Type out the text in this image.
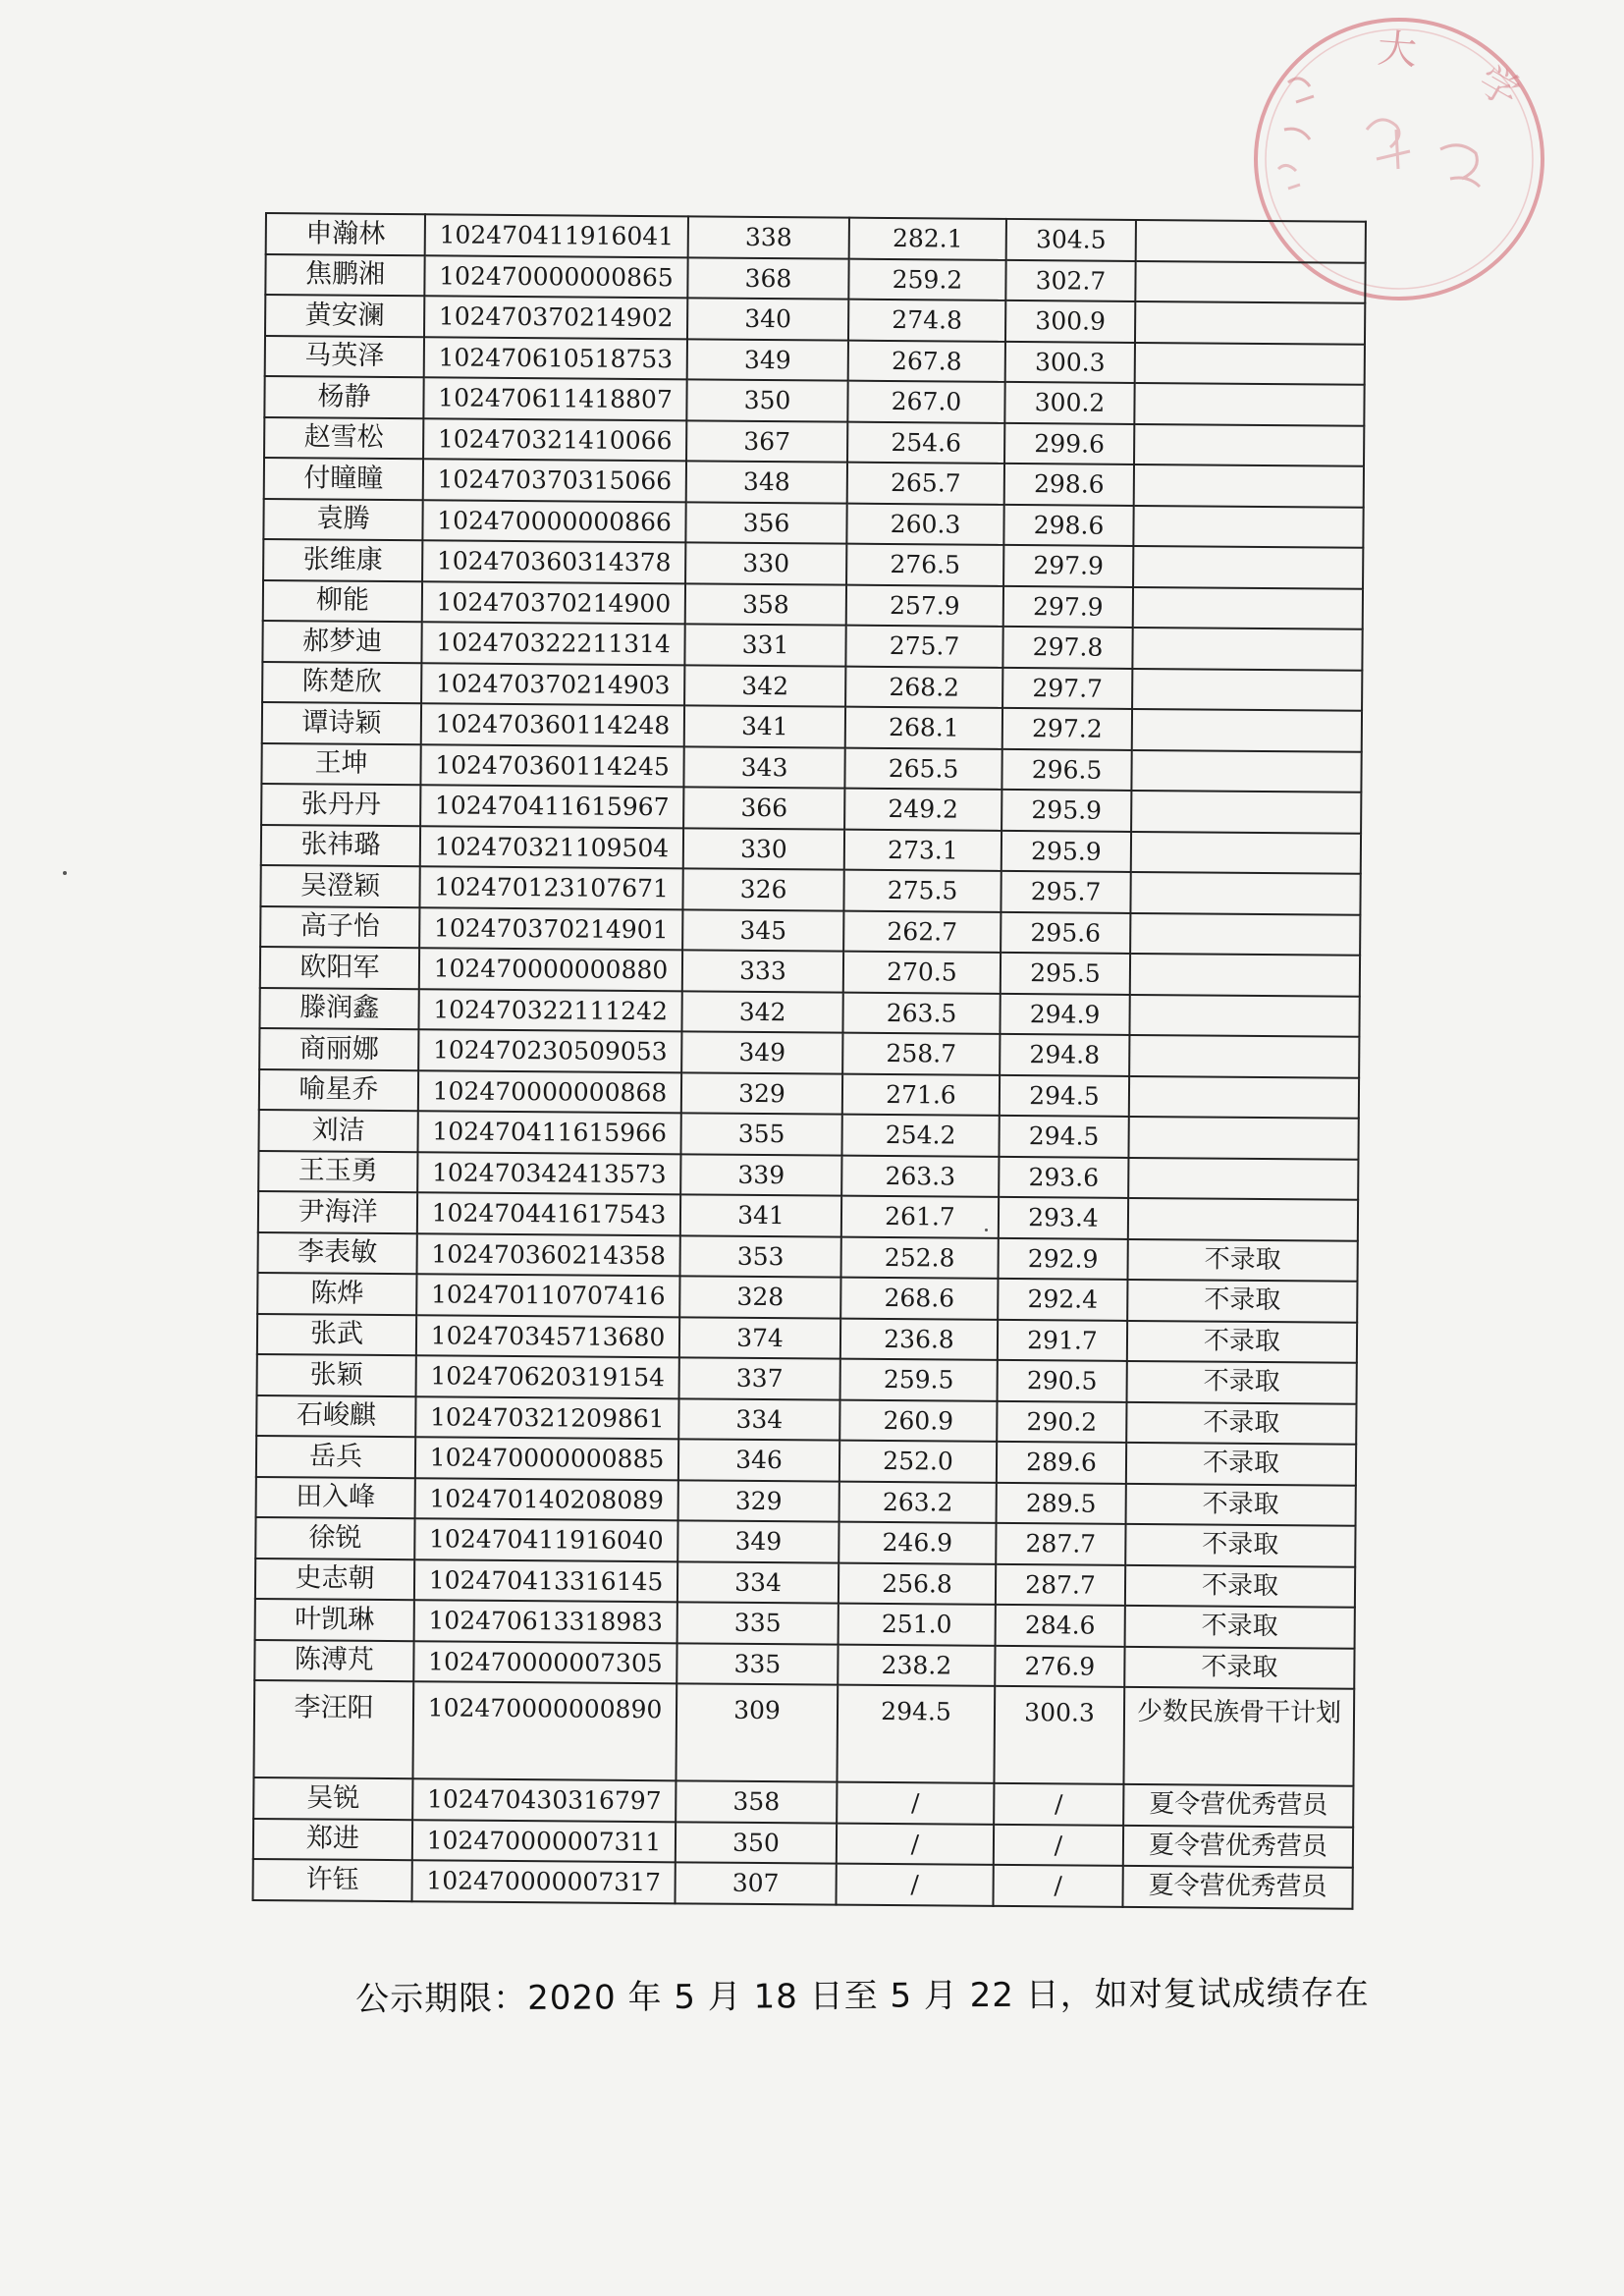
大
学
申瀚林	102470411916041	338	282.1	304.5	
焦鹏湘	102470000000865	368	259.2	302.7	
黄安澜	102470370214902	340	274.8	300.9	
马英泽	102470610518753	349	267.8	300.3	
杨静	102470611418807	350	267.0	300.2	
赵雪松	102470321410066	367	254.6	299.6	
付瞳瞳	102470370315066	348	265.7	298.6	
袁腾	102470000000866	356	260.3	298.6	
张维康	102470360314378	330	276.5	297.9	
柳能	102470370214900	358	257.9	297.9	
郝梦迪	102470322211314	331	275.7	297.8	
陈楚欣	102470370214903	342	268.2	297.7	
谭诗颖	102470360114248	341	268.1	297.2	
王坤	102470360114245	343	265.5	296.5	
张丹丹	102470411615967	366	249.2	295.9	
张祎璐	102470321109504	330	273.1	295.9	
吴澄颖	102470123107671	326	275.5	295.7	
高子怡	102470370214901	345	262.7	295.6	
欧阳军	102470000000880	333	270.5	295.5	
滕润鑫	102470322111242	342	263.5	294.9	
商丽娜	102470230509053	349	258.7	294.8	
喻星乔	102470000000868	329	271.6	294.5	
刘洁	102470411615966	355	254.2	294.5	
王玉勇	102470342413573	339	263.3	293.6	
尹海洋	102470441617543	341	261.7	293.4	
李表敏	102470360214358	353	252.8	292.9	不录取
陈烨	102470110707416	328	268.6	292.4	不录取
张武	102470345713680	374	236.8	291.7	不录取
张颖	102470620319154	337	259.5	290.5	不录取
石峻麒	102470321209861	334	260.9	290.2	不录取
岳兵	102470000000885	346	252.0	289.6	不录取
田入峰	102470140208089	329	263.2	289.5	不录取
徐锐	102470411916040	349	246.9	287.7	不录取
史志朝	102470413316145	334	256.8	287.7	不录取
叶凯琳	102470613318983	335	251.0	284.6	不录取
陈溥芃	102470000007305	335	238.2	276.9	不录取
李汪阳	102470000000890	309	294.5	300.3	少数民族骨干计划
吴锐	102470430316797	358	/	/	夏令营优秀营员
郑进	102470000007311	350	/	/	夏令营优秀营员
许钰	102470000007317	307	/	/	夏令营优秀营员
公示期限：2020 年 5 月 18 日至 5 月 22 日，如对复试成绩存在
